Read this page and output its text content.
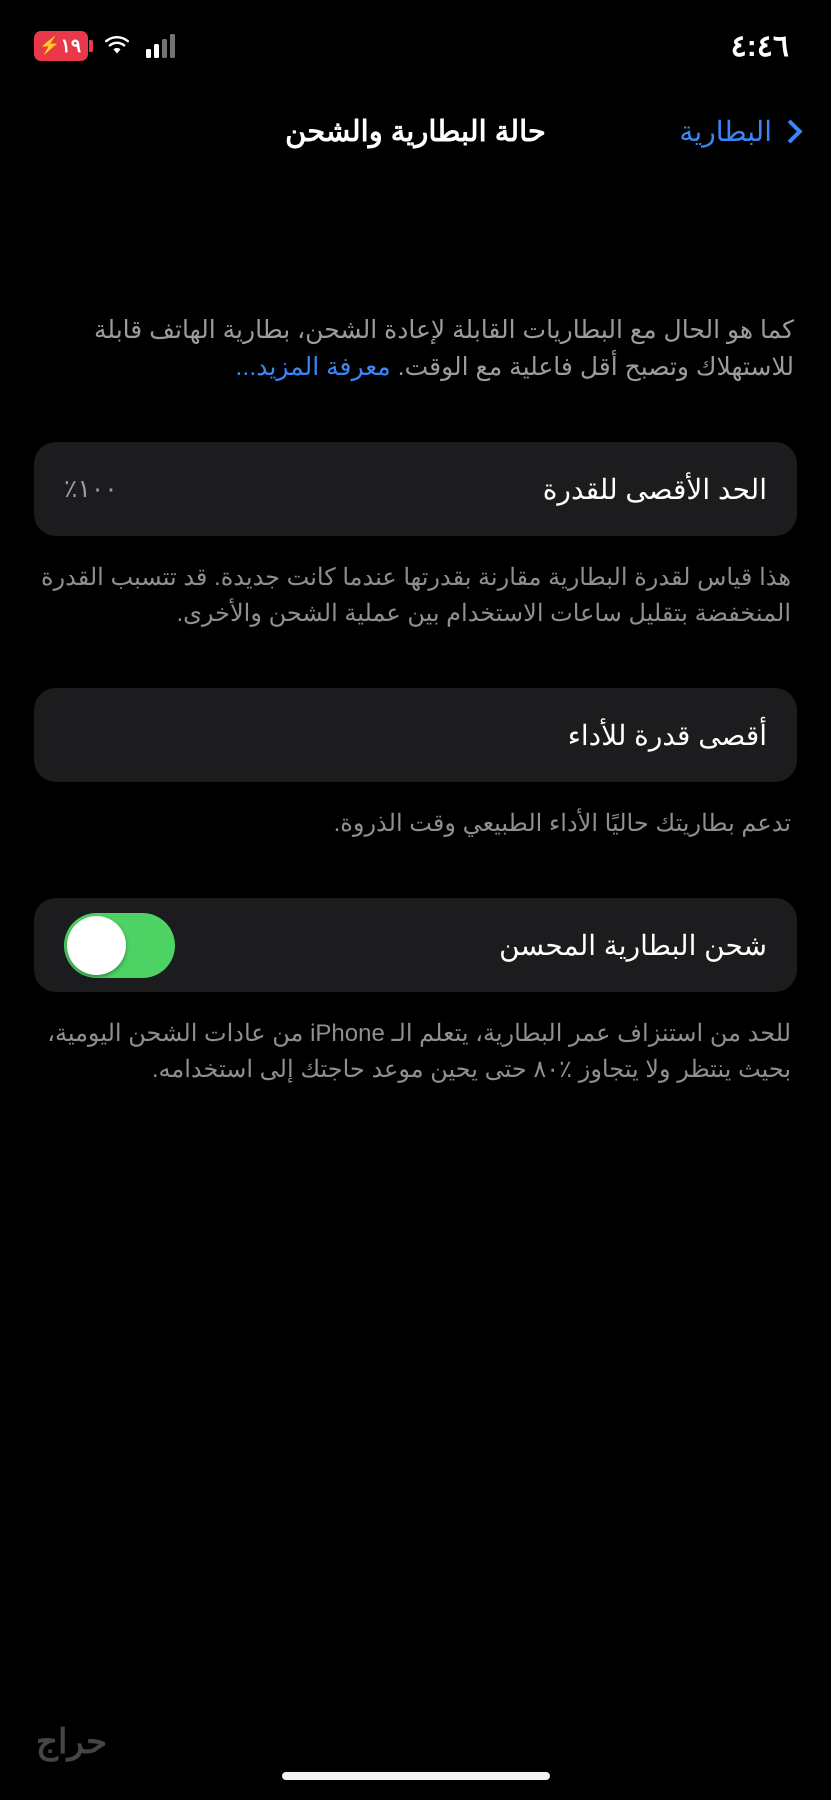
⚡ ١٩	٤:٤٦
البطارية
حالة البطارية والشحن

كما هو الحال مع البطاريات القابلة لإعادة الشحن، بطارية الهاتف قابلة للاستهلاك وتصبح أقل فاعلية مع الوقت. معرفة المزيد...

الحد الأقصى للقدرة
٪١٠٠

هذا قياس لقدرة البطارية مقارنة بقدرتها عندما كانت جديدة. قد تتسبب القدرة المنخفضة بتقليل ساعات الاستخدام بين عملية الشحن والأخرى.

أقصى قدرة للأداء

تدعم بطاريتك حاليًا الأداء الطبيعي وقت الذروة.

شحن البطارية المحسن

للحد من استنزاف عمر البطارية، يتعلم الـ iPhone من عادات الشحن اليومية، بحيث ينتظر ولا يتجاوز ٪٨٠ حتى يحين موعد حاجتك إلى استخدامه.

حراج
